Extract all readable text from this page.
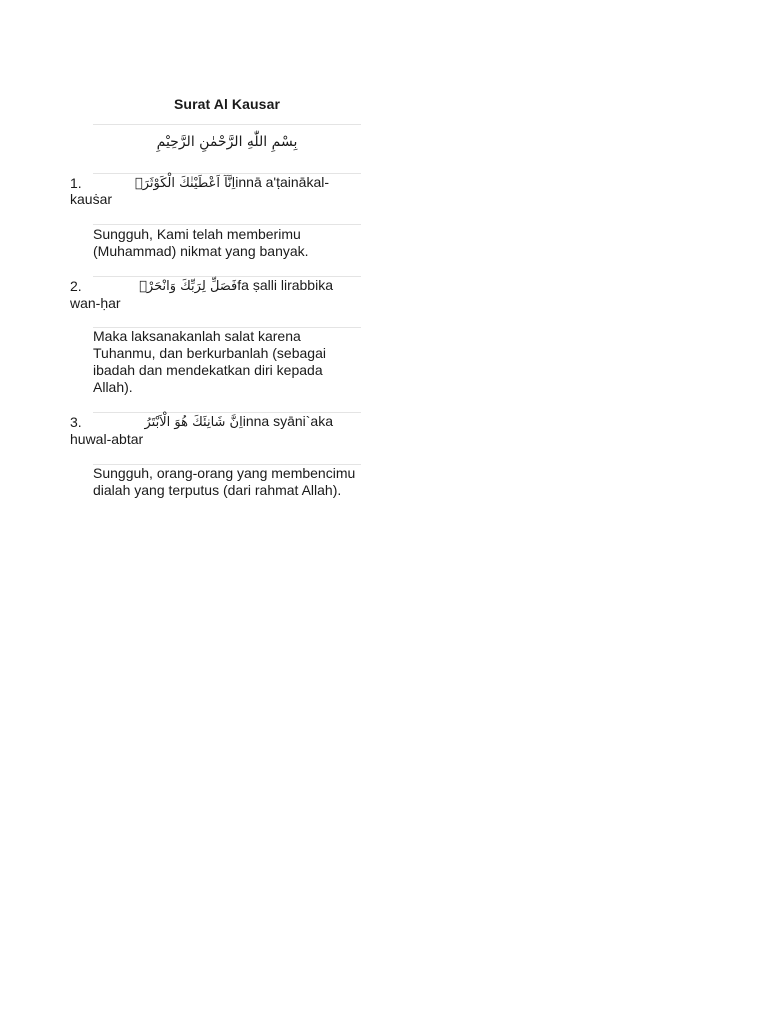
Surat Al Kausar
بِسْمِ اللّٰهِ الرَّحْمٰنِ الرَّحِيْمِ
1.	اِنَّآ اَعْطَيْنٰكَ الْكَوْثَرَۗinnā a'ṭainākal-
kauṡar
Sungguh, Kami telah memberimu (Muhammad) nikmat yang banyak.
2.	فَصَلِّ لِرَبِّكَ وَانْحَرْۗfa ṣalli lirabbika
wan-ḥar
Maka laksanakanlah salat karena Tuhanmu, dan berkurbanlah (sebagai ibadah dan mendekatkan diri kepada Allah).
3.	اِنَّ شَانِئَكَ هُوَ الْاَبْتَرُinna syāni`aka
huwal-abtar
Sungguh, orang-orang yang membencimu dialah yang terputus (dari rahmat Allah).
